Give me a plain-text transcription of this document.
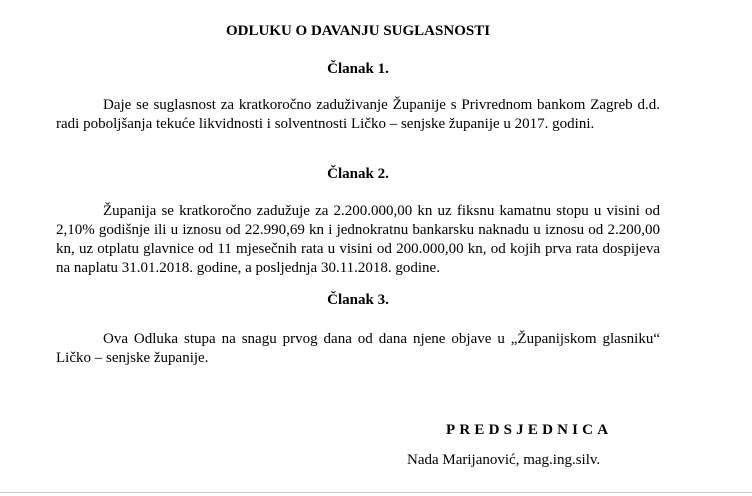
ODLUKU O DAVANJU SUGLASNOSTI
Članak 1.
Daje se suglasnost za kratkoročno zaduživanje Županije s Privrednom bankom Zagreb d.d. radi poboljšanja tekuće likvidnosti i solventnosti Ličko – senjske županije u 2017. godini.
Članak 2.
Županija se kratkoročno zadužuje za 2.200.000,00 kn uz fiksnu kamatnu stopu u visini od 2,10% godišnje ili u iznosu od 22.990,69 kn i jednokratnu bankarsku naknadu u iznosu od 2.200,00 kn, uz otplatu glavnice od 11 mjesečnih rata u visini od 200.000,00 kn, od kojih prva rata dospijeva na naplatu 31.01.2018. godine, a posljednja 30.11.2018. godine.
Članak 3.
Ova Odluka stupa na snagu prvog dana od dana njene objave u „Županijskom glasniku“ Ličko – senjske županije.
PREDSJEDNICA
Nada Marijanović, mag.ing.silv.
